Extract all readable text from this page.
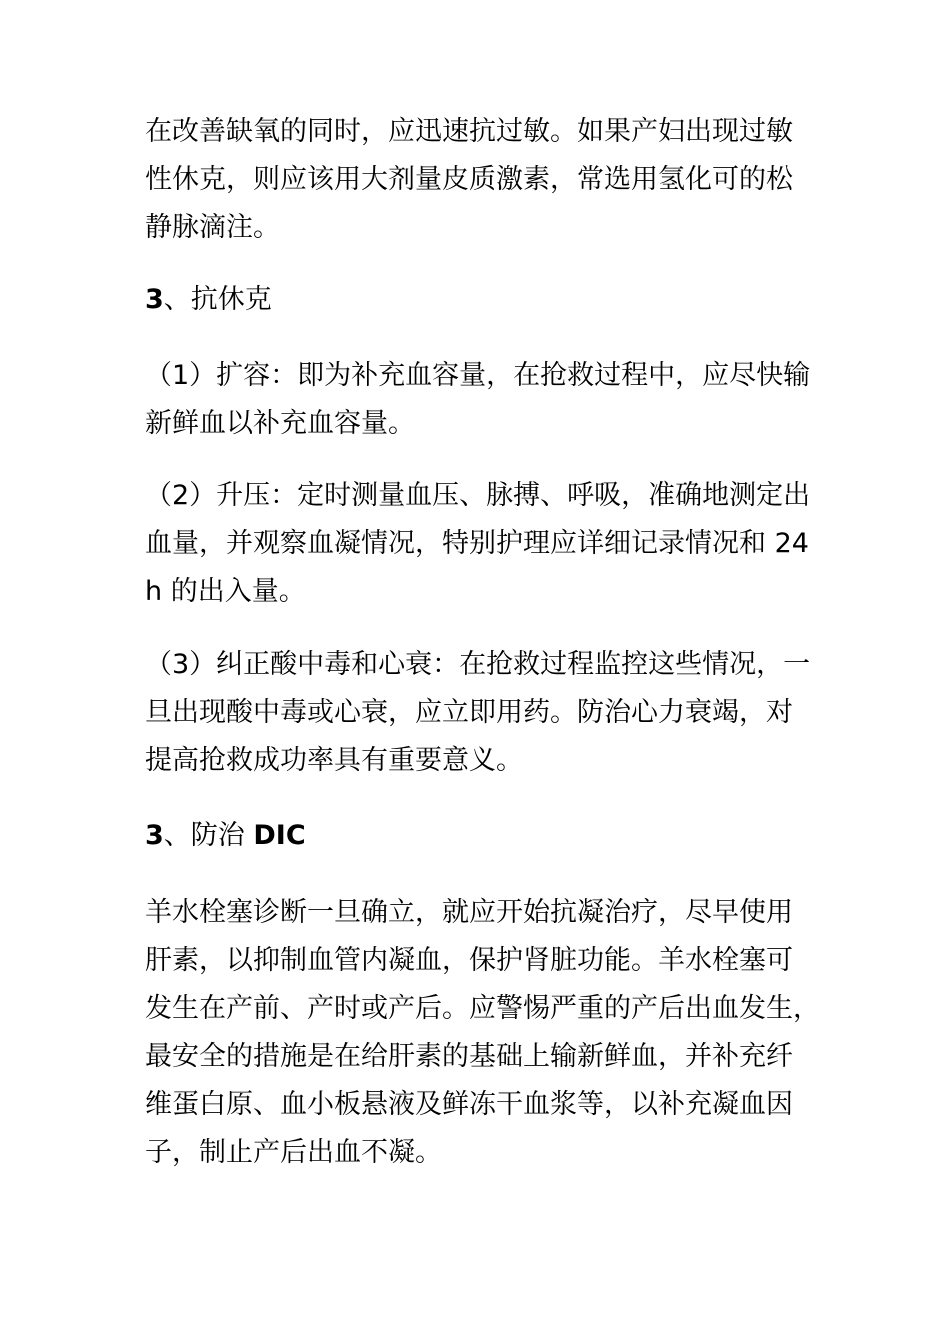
在改善缺氧的同时，应迅速抗过敏。如果产妇出现过敏
性休克，则应该用大剂量皮质激素，常选用氢化可的松
静脉滴注。
3、抗休克
（1）扩容：即为补充血容量，在抢救过程中，应尽快输
新鲜血以补充血容量。
（2）升压：定时测量血压、脉搏、呼吸，准确地测定出
血量，并观察血凝情况，特别护理应详细记录情况和 24
h 的出入量。
（3）纠正酸中毒和心衰：在抢救过程监控这些情况，一
旦出现酸中毒或心衰，应立即用药。防治心力衰竭，对
提高抢救成功率具有重要意义。
3、防治 DIC
羊水栓塞诊断一旦确立，就应开始抗凝治疗，尽早使用
肝素，以抑制血管内凝血，保护肾脏功能。羊水栓塞可
发生在产前、产时或产后。应警惕严重的产后出血发生，
最安全的措施是在给肝素的基础上输新鲜血，并补充纤
维蛋白原、血小板悬液及鲜冻干血浆等，以补充凝血因
子，制止产后出血不凝。
